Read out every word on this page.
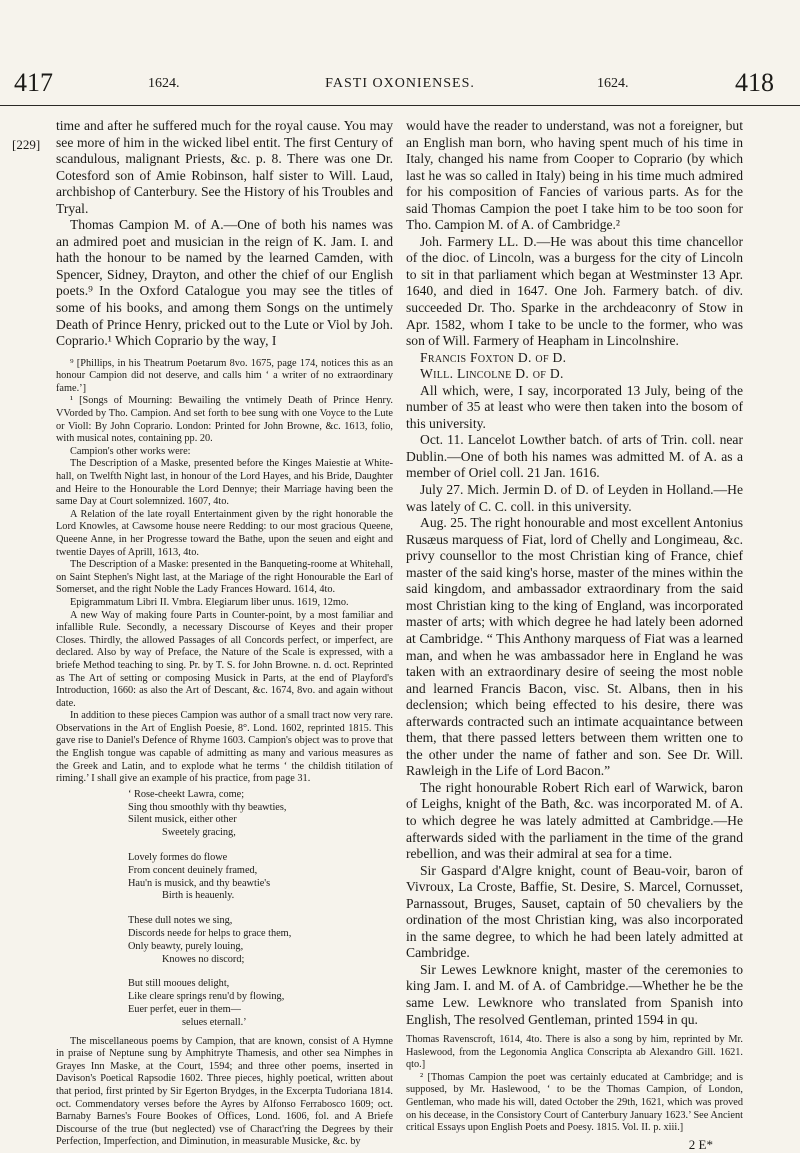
417	1624.	FASTI OXONIENSES.	1624.	418
[229]

time and after he suffered much for the royal cause. You may see more of him in the wicked libel entit. The first Century of scandulous, malignant Priests, &c. p. 8. There was one Dr. Cotesford son of Amie Robinson, half sister to Will. Laud, archbishop of Canterbury. See the History of his Troubles and Tryal.

Thomas Campion M. of A.—One of both his names was an admired poet and musician in the reign of K. Jam. I. and hath the honour to be named by the learned Camden, with Spencer, Sidney, Drayton, and other the chief of our English poets.⁹ In the Oxford Catalogue you may see the titles of some of his books, and among them Songs on the untimely Death of Prince Henry, pricked out to the Lute or Viol by Joh. Coprario.¹ Which Coprario by the way, I

⁹ [Phillips, in his Theatrum Poetarum 8vo. 1675, page 174, notices this as an honour Campion did not deserve, and calls him ‘ a writer of no extraordinary fame.’]

¹ [Songs of Mourning: Bewailing the vntimely Death of Prince Henry. VVorded by Tho. Campion. And set forth to bee sung with one Voyce to the Lute or Violl: By John Coprario. London: Printed for John Browne, &c. 1613, folio, with musical notes, containing pp. 20.

Campion's other works were:

The Description of a Maske, presented before the Kinges Maiestie at White-hall, on Twelfth Night last, in honour of the Lord Hayes, and his Bride, Daughter and Heire to the Honourable the Lord Dennye; their Marriage having been the same Day at Court solemnized. 1607, 4to.

A Relation of the late royall Entertainment given by the right honorable the Lord Knowles, at Cawsome house neere Redding: to our most gracious Queene, Queene Anne, in her Progresse toward the Bathe, upon the seuen and eight and twentie Dayes of Aprill, 1613, 4to.

The Description of a Maske: presented in the Banqueting-roome at Whitehall, on Saint Stephen's Night last, at the Mariage of the right Honourable the Earl of Somerset, and the right Noble the Lady Frances Howard. 1614, 4to.

Epigrammatum Libri II. Vmbra. Elegiarum liber unus. 1619, 12mo.

A new Way of making foure Parts in Counter-point, by a most familiar and infallible Rule. Secondly, a necessary Discourse of Keyes and their proper Closes. Thirdly, the allowed Passages of all Concords perfect, or imperfect, are declared. Also by way of Preface, the Nature of the Scale is expressed, with a briefe Method teaching to sing. Pr. by T. S. for John Browne. n. d. oct. Reprinted as The Art of setting or composing Musick in Parts, at the end of Playford's Introduction, 1660: as also the Art of Descant, &c. 1674, 8vo. and again without date.

In addition to these pieces Campion was author of a small tract now very rare. Observations in the Art of English Poesie, 8°. Lond. 1602, reprinted 1815. This gave rise to Daniel's Defence of Rhyme 1603. Campion's object was to prove that the English tongue was capable of admitting as many and various measures as the Greek and Latin, and to explode what he terms ‘ the childish titilation of riming.’ I shall give an example of his practice, from page 31.

‘ Rose-cheekt Lawra, come;
Sing thou smoothly with thy beawties,
Silent musick, either other
Sweetely gracing,
Lovely formes do flowe
From concent deuinely framed,
Hau'n is musick, and thy beawtie's
Birth is heauenly.
These dull notes we sing,
Discords neede for helps to grace them,
Only beawty, purely louing,
Knowes no discord;
But still mooues delight,
Like cleare springs renu'd by flowing,
Euer perfet, euer in them—
selues eternall.’

The miscellaneous poems by Campion, that are known, consist of A Hymne in praise of Neptune sung by Amphitryte Thamesis, and other sea Nimphes in Grayes Inn Maske, at the Court, 1594; and three other poems, inserted in Davison's Poetical Rapsodie 1602. Three pieces, highly poetical, written about that period, first printed by Sir Egerton Brydges, in the Excerpta Tudoriana 1814. oct. Commendatory verses before the Ayres by Alfonso Ferrabosco 1609; oct. Barnaby Barnes's Foure Bookes of Offices, Lond. 1606, fol. and A Briefe Discourse of the true (but neglected) vse of Charact'ring the Degrees by their Perfection, Imperfection, and Diminution, in measurable Musicke, &c. by

would have the reader to understand, was not a foreigner, but an English man born, who having spent much of his time in Italy, changed his name from Cooper to Coprario (by which last he was so called in Italy) being in his time much admired for his composition of Fancies of various parts. As for the said Thomas Campion the poet I take him to be too soon for Tho. Campion M. of A. of Cambridge.²

Joh. Farmery LL. D.—He was about this time chancellor of the dioc. of Lincoln, was a burgess for the city of Lincoln to sit in that parliament which began at Westminster 13 Apr. 1640, and died in 1647. One Joh. Farmery batch. of div. succeeded Dr. Tho. Sparke in the archdeaconry of Stow in Apr. 1582, whom I take to be uncle to the former, who was son of Will. Farmery of Heapham in Lincolnshire.

Francis Foxton D. of D.

Will. Lincolne D. of D.

All which, were, I say, incorporated 13 July, being of the number of 35 at least who were then taken into the bosom of this university.

Oct. 11. Lancelot Lowther batch. of arts of Trin. coll. near Dublin.—One of both his names was admitted M. of A. as a member of Oriel coll. 21 Jan. 1616.

July 27. Mich. Jermin D. of D. of Leyden in Holland.—He was lately of C. C. coll. in this university.

Aug. 25. The right honourable and most excellent Antonius Rusæus marquess of Fiat, lord of Chelly and Longimeau, &c. privy counsellor to the most Christian king of France, chief master of the said king's horse, master of the mines within the said kingdom, and ambassador extraordinary from the said most Christian king to the king of England, was incorporated master of arts; with which degree he had lately been adorned at Cambridge. “ This Anthony marquess of Fiat was a learned man, and when he was ambassador here in England he was taken with an extraordinary desire of seeing the most noble and learned Francis Bacon, visc. St. Albans, then in his declension; which being effected to his desire, there was afterwards contracted such an intimate acquaintance between them, that there passed letters between them written one to the other under the name of father and son. See Dr. Will. Rawleigh in the Life of Lord Bacon.”

The right honourable Robert Rich earl of Warwick, baron of Leighs, knight of the Bath, &c. was incorporated M. of A. to which degree he was lately admitted at Cambridge.—He afterwards sided with the parliament in the time of the grand rebellion, and was their admiral at sea for a time.

Sir Gaspard d'Algre knight, count of Beau-voir, baron of Vivroux, La Croste, Baffie, St. Desire, S. Marcel, Cornusset, Parnassout, Bruges, Sauset, captain of 50 chevaliers by the ordination of the most Christian king, was also incorporated in the same degree, to which he had been lately admitted at Cambridge.

Sir Lewes Lewknore knight, master of the ceremonies to king Jam. I. and M. of A. of Cambridge.—Whether he be the same Lew. Lewknore who translated from Spanish into English, The resolved Gentleman, printed 1594 in qu.

Thomas Ravenscroft, 1614, 4to. There is also a song by him, reprinted by Mr. Haslewood, from the Legonomia Anglica Conscripta ab Alexandro Gill. 1621. qto.]

² [Thomas Campion the poet was certainly educated at Cambridge; and is supposed, by Mr. Haslewood, ‘ to be the Thomas Campion, of London, Gentleman, who made his will, dated October the 29th, 1621, which was proved on his decease, in the Consistory Court of Canterbury January 1623.’ See Ancient critical Essays upon English Poets and Poesy. 1815. Vol. II. p. xiii.]

2 E*
